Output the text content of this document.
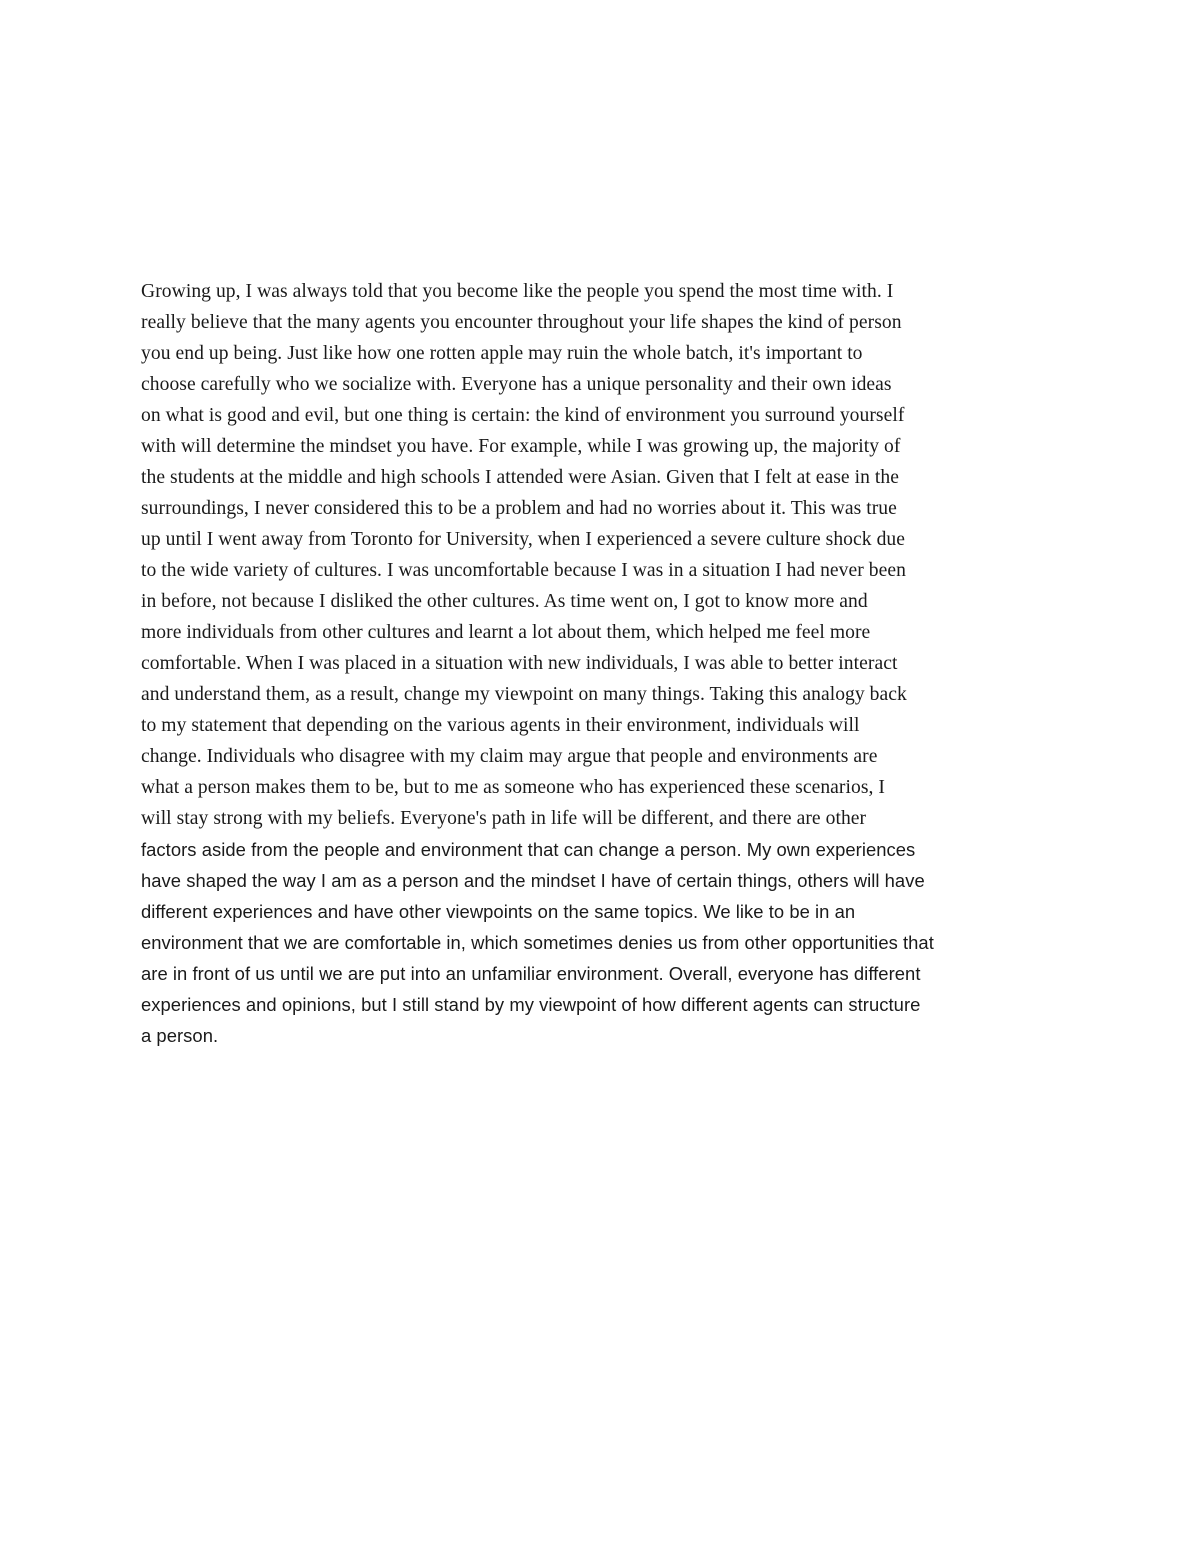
Growing up, I was always told that you become like the people you spend the most time with. I
really believe that the many agents you encounter throughout your life shapes the kind of person
you end up being. Just like how one rotten apple may ruin the whole batch, it's important to
choose carefully who we socialize with. Everyone has a unique personality and their own ideas
on what is good and evil, but one thing is certain: the kind of environment you surround yourself
with will determine the mindset you have. For example, while I was growing up, the majority of
the students at the middle and high schools I attended were Asian. Given that I felt at ease in the
surroundings, I never considered this to be a problem and had no worries about it. This was true
up until I went away from Toronto for University, when I experienced a severe culture shock due
to the wide variety of cultures. I was uncomfortable because I was in a situation I had never been
in before, not because I disliked the other cultures. As time went on, I got to know more and
more individuals from other cultures and learnt a lot about them, which helped me feel more
comfortable. When I was placed in a situation with new individuals, I was able to better interact
and understand them, as a result, change my viewpoint on many things. Taking this analogy back
to my statement that depending on the various agents in their environment, individuals will
change. Individuals who disagree with my claim may argue that people and environments are
what a person makes them to be, but to me as someone who has experienced these scenarios, I
will stay strong with my beliefs. Everyone's path in life will be different, and there are other
factors aside from the people and environment that can change a person. My own experiences
have shaped the way I am as a person and the mindset I have of certain things, others will have
different experiences and have other viewpoints on the same topics. We like to be in an
environment that we are comfortable in, which sometimes denies us from other opportunities that
are in front of us until we are put into an unfamiliar environment. Overall, everyone has different
experiences and opinions, but I still stand by my viewpoint of how different agents can structure
a person.
